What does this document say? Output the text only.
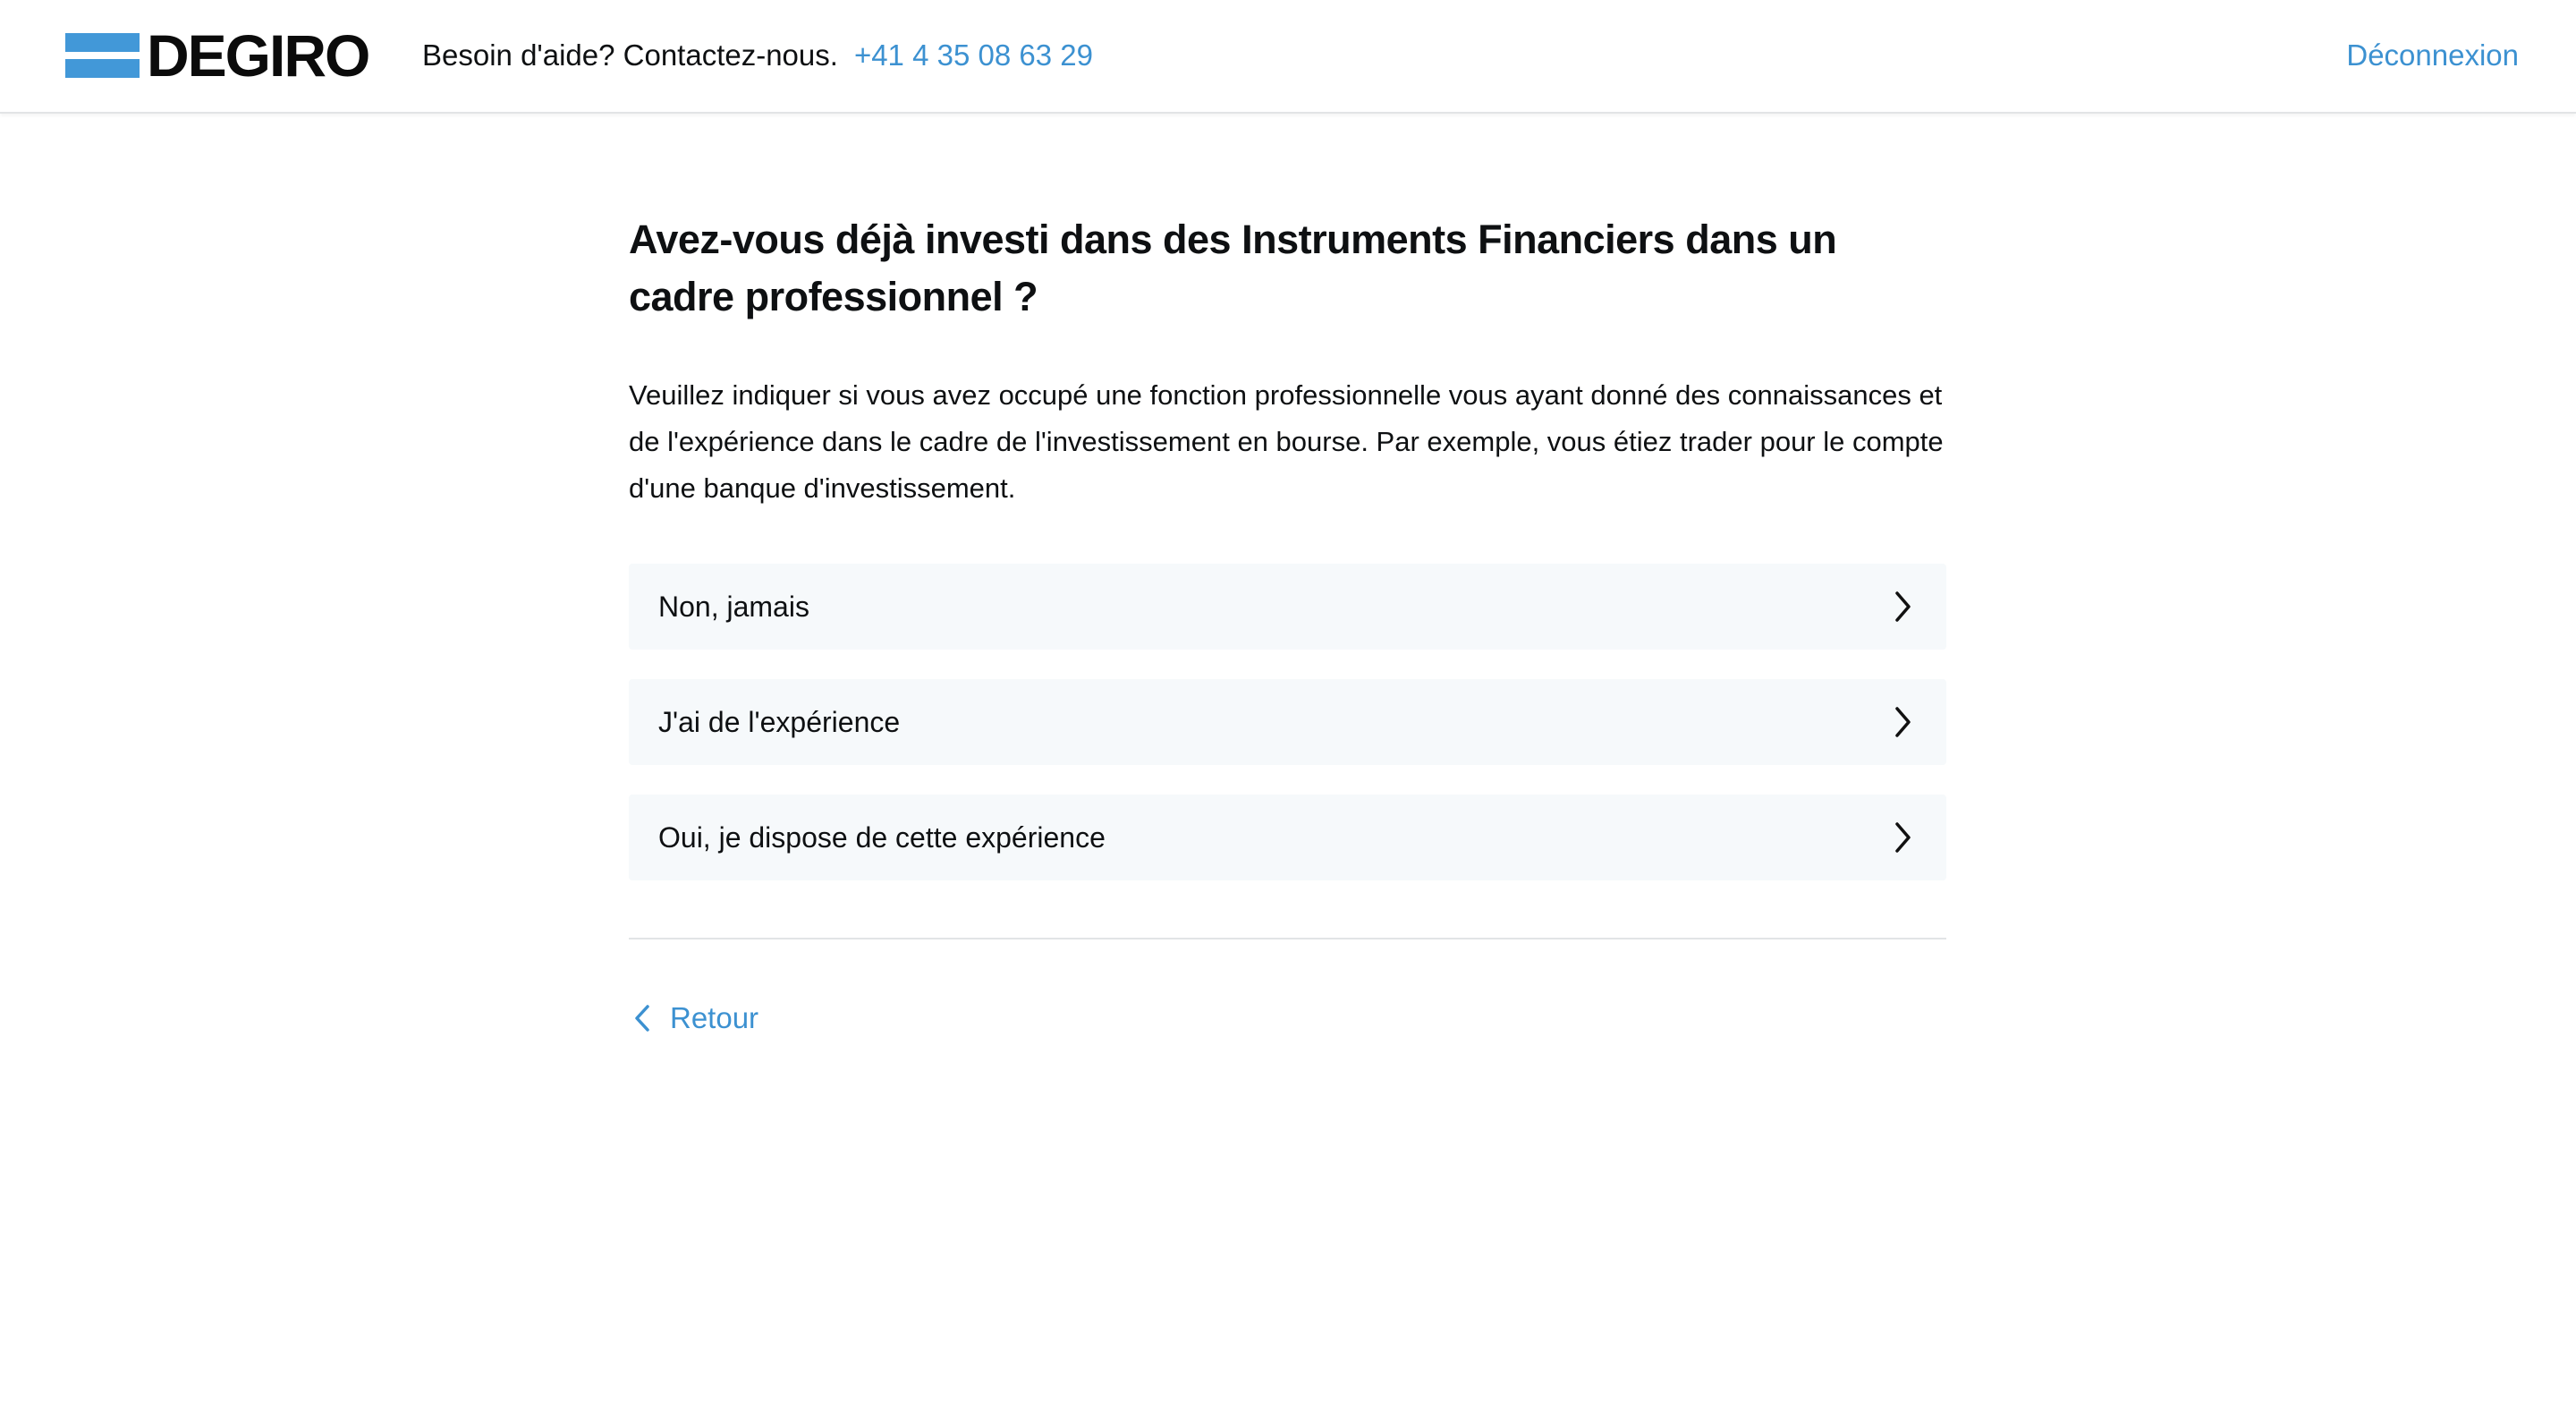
DEGIRO Besoin d'aide? Contactez-nous. +41 4 35 08 63 29	Déconnexion
Avez-vous déjà investi dans des Instruments Financiers dans un cadre professionnel ?

Veuillez indiquer si vous avez occupé une fonction professionnelle vous ayant donné des connaissances et de l'expérience dans le cadre de l'investissement en bourse. Par exemple, vous étiez trader pour le compte d'une banque d'investissement.

Non, jamais
J'ai de l'expérience
Oui, je dispose de cette expérience
Retour
